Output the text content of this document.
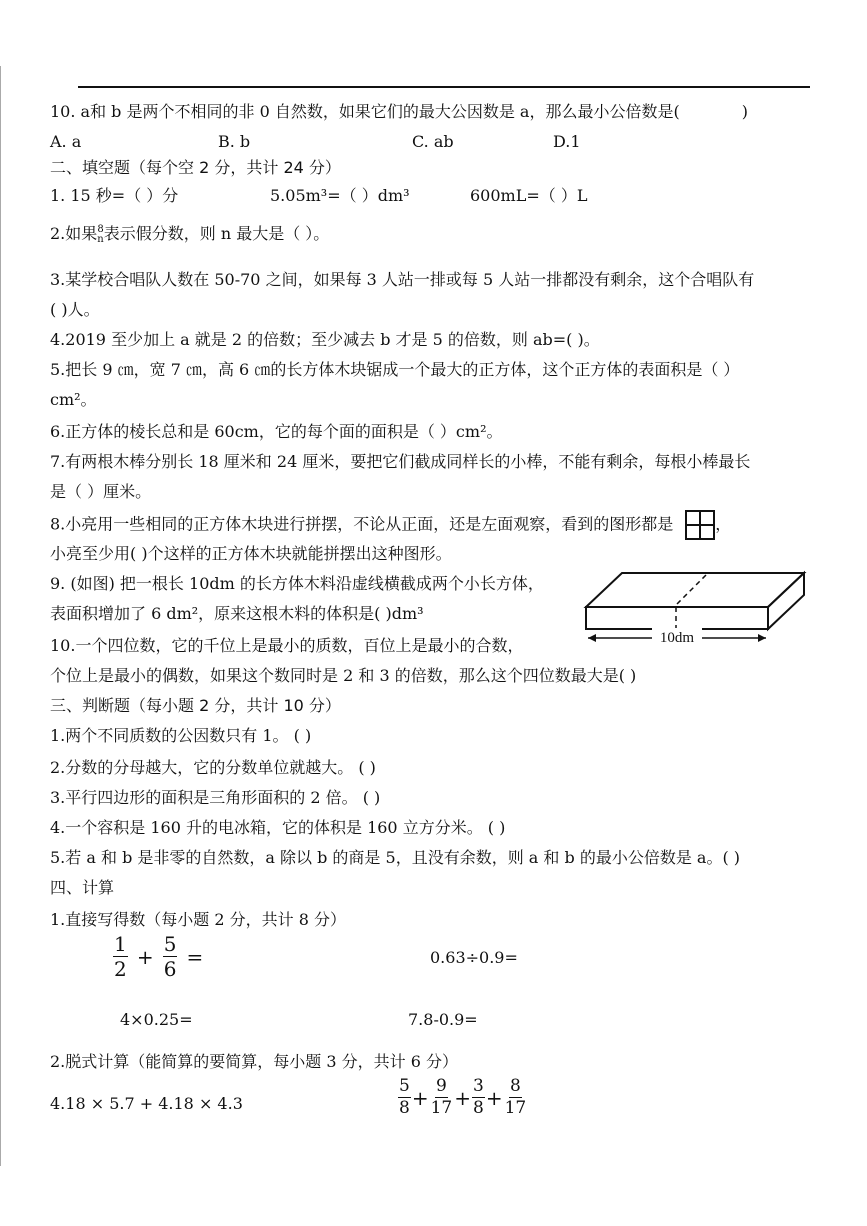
10. a和 b 是两个不相同的非 0 自然数，如果它们的最大公因数是 a，那么最小公倍数是(	)
A. a	B. b	C. ab	D.1
二、填空题（每个空 2 分，共计 24 分）
1. 15 秒=（ ）分	5.05m³=（ ）dm³	600mL=（ ）L
2.如果 8
n 表示假分数，则 n 最大是（ ）。
3.某学校合唱队人数在 50-70 之间，如果每 3 人站一排或每 5 人站一排都没有剩余，这个合唱队有
( )人。
4.2019 至少加上 a 就是 2 的倍数；至少减去 b 才是 5 的倍数，则 ab=( )。
5.把长 9 ㎝，宽 7 ㎝，高 6 ㎝的长方体木块锯成一个最大的正方体，这个正方体的表面积是（ ）
cm²。
6.正方体的棱长总和是 60cm，它的每个面的面积是（ ）cm²。
7.有两根木棒分别长 18 厘米和 24 厘米，要把它们截成同样长的小棒，不能有剩余，每根小棒最长
是（ ）厘米。
8.小亮用一些相同的正方体木块进行拼摆，不论从正面，还是左面观察，看到的图形都是	，
小亮至少用( )个这样的正方体木块就能拼摆出这种图形。
9. (如图) 把一根长 10dm 的长方体木料沿虚线横截成两个小长方体，
表面积增加了 6 dm²，原来这根木料的体积是( )dm³
10dm
10.一个四位数，它的千位上是最小的质数，百位上是最小的合数，
个位上是最小的偶数，如果这个数同时是 2 和 3 的倍数，那么这个四位数最大是( )
三、判断题（每小题 2 分，共计 10 分）
1.两个不同质数的公因数只有 1。 ( )
2.分数的分母越大，它的分数单位就越大。 ( )
3.平行四边形的面积是三角形面积的 2 倍。 ( )
4.一个容积是 160 升的电冰箱，它的体积是 160 立方分米。 ( )
5.若 a 和 b 是非零的自然数，a 除以 b 的商是 5，且没有余数，则 a 和 b 的最小公倍数是 a。( )
四、计算
1.直接写得数（每小题 2 分，共计 8 分）
$\frac{1}{2} + \frac{5}{6}$ =	0.63÷0.9=
4×0.25=	7.8-0.9=
2.脱式计算（能简算的要简算，每小题 3 分，共计 6 分）
4.18 × 5.7 + 4.18 × 4.3	$\frac{5}{8} + \frac{9}{17} + \frac{3}{8} + \frac{8}{17}$
